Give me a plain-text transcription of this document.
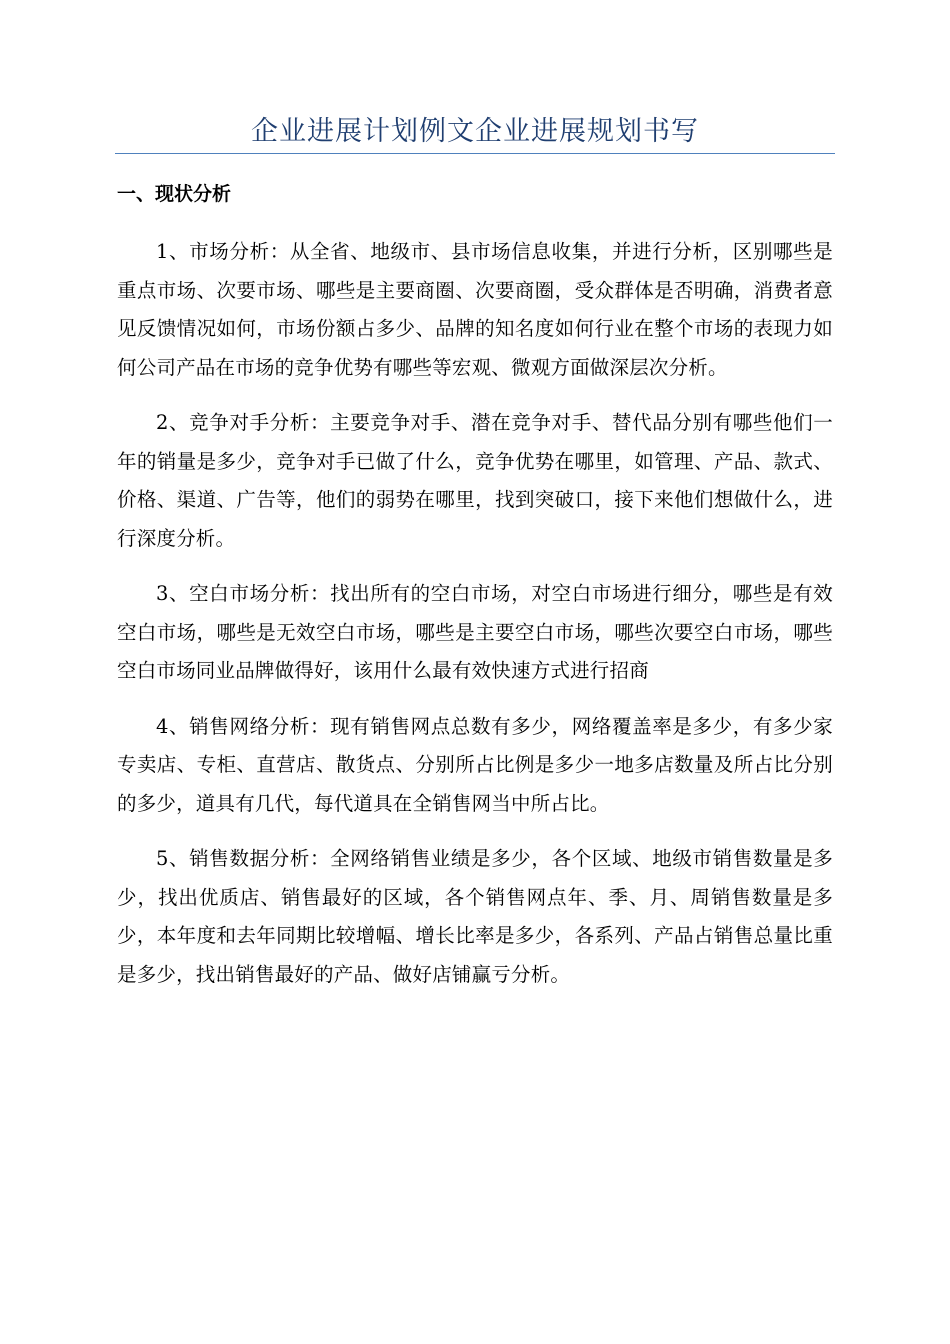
企业进展计划例文企业进展规划书写
一、现状分析

1、市场分析：从全省、地级市、县市场信息收集，并进行分析，区别哪些是重点市场、次要市场、哪些是主要商圈、次要商圈，受众群体是否明确，消费者意见反馈情况如何，市场份额占多少、品牌的知名度如何行业在整个市场的表现力如何公司产品在市场的竞争优势有哪些等宏观、微观方面做深层次分析。

2、竞争对手分析：主要竞争对手、潜在竞争对手、替代品分别有哪些他们一年的销量是多少，竞争对手已做了什么，竞争优势在哪里，如管理、产品、款式、价格、渠道、广告等，他们的弱势在哪里，找到突破口，接下来他们想做什么，进行深度分析。

3、空白市场分析：找出所有的空白市场，对空白市场进行细分，哪些是有效空白市场，哪些是无效空白市场，哪些是主要空白市场，哪些次要空白市场，哪些空白市场同业品牌做得好，该用什么最有效快速方式进行招商

4、销售网络分析：现有销售网点总数有多少，网络覆盖率是多少，有多少家专卖店、专柜、直营店、散货点、分别所占比例是多少一地多店数量及所占比分别的多少，道具有几代，每代道具在全销售网当中所占比。

5、销售数据分析：全网络销售业绩是多少，各个区域、地级市销售数量是多少，找出优质店、销售最好的区域，各个销售网点年、季、月、周销售数量是多少，本年度和去年同期比较增幅、增长比率是多少，各系列、产品占销售总量比重是多少，找出销售最好的产品、做好店铺赢亏分析。
